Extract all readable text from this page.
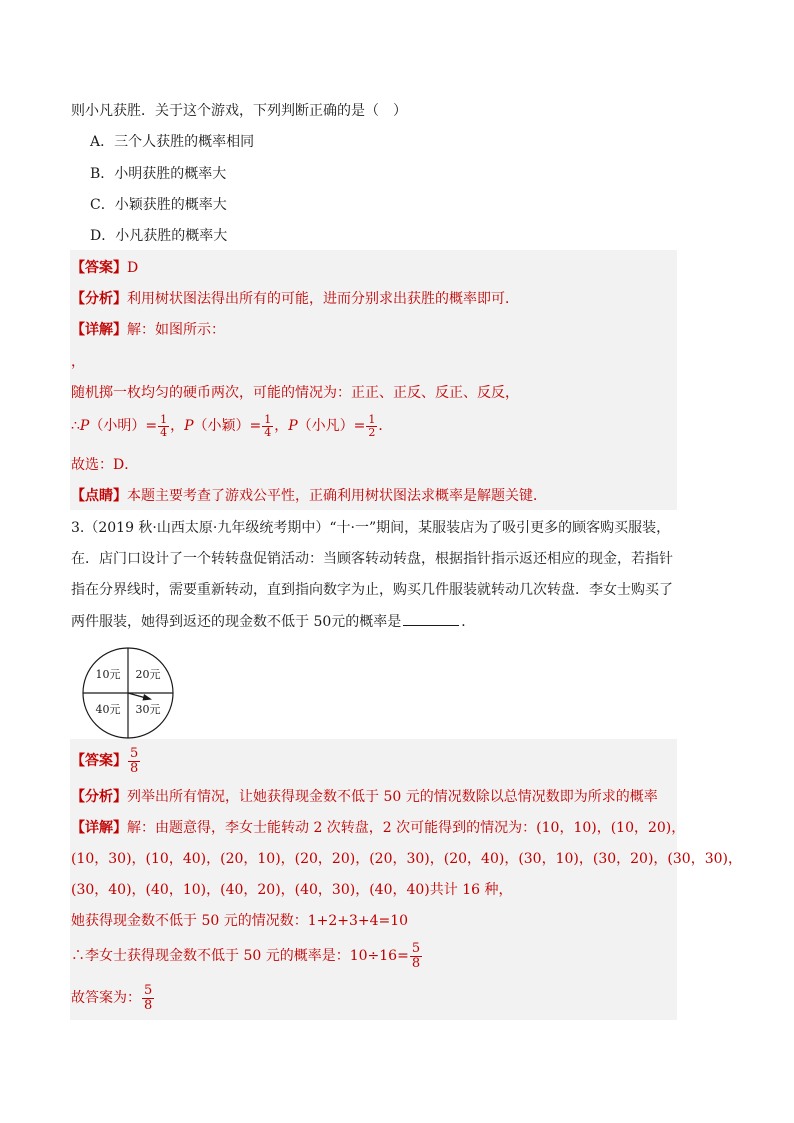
则小凡获胜．关于这个游戏，下列判断正确的是（　）
A．三个人获胜的概率相同
B．小明获胜的概率大
C．小颖获胜的概率大
D．小凡获胜的概率大
【答案】D
【分析】利用树状图法得出所有的可能，进而分别求出获胜的概率即可．
【详解】解：如图所示：
，
随机掷一枚均匀的硬币两次，可能的情况为：正正、正反、反正、反反，
∴P（小明）= $\frac{1}{4}$ ，P（小颖）= $\frac{1}{4}$ ，P（小凡）= $\frac{1}{2}$ ．
故选：D．
【点睛】本题主要考查了游戏公平性，正确利用树状图法求概率是解题关键．
3.（2019 秋·山西太原·九年级统考期中）“十·一”期间，某服装店为了吸引更多的顾客购买服装，
在．店门口设计了一个转转盘促销活动：当顾客转动转盘，根据指针指示返还相应的现金，若指针
指在分界线时，需要重新转动，直到指向数字为止，购买几件服装就转动几次转盘．李女士购买了
两件服装，她得到返还的现金数不低于 50元的概率是	．
10元 20元
40元 30元
【答案】 $\frac{5}{8}$
【分析】列举出所有情况，让她获得现金数不低于 50 元的情况数除以总情况数即为所求的概率
【详解】解：由题意得，李女士能转动 2 次转盘，2 次可能得到的情况为：(10，10)，(10，20)，
(10，30)，(10，40)，(20，10)，(20，20)，(20，30)，(20，40)，(30，10)，(30，20)，(30，30)，
(30，40)，(40，10)，(40，20)，(40，30)，(40，40)共计 16 种，
她获得现金数不低于 50 元的情况数：1+2+3+4=10
∴李女士获得现金数不低于 50 元的概率是：$10\div 16= \frac{5}{8}$
故答案为： $\frac{5}{8}$
